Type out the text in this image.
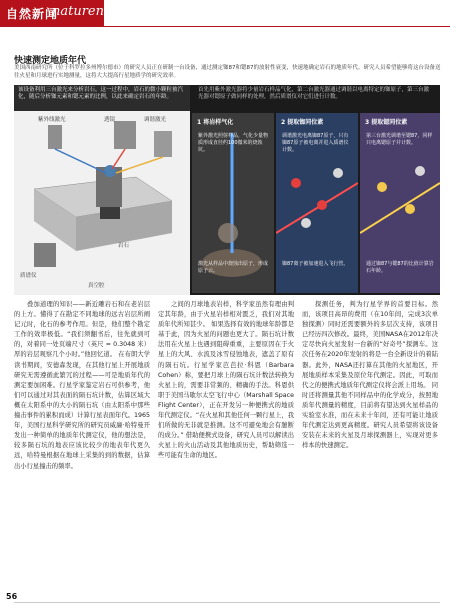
自然新闻
naturenews
快速测定地质年代
美国西南研究所（位于科罗拉多州博尔德市）的研究人员正在研制一台设备，通过测定铷87和锶87的放射性衰变，快速地确定岩石的地质年代。研究人员希望能够将这台设备送往火星和月球进行实地测量，这将大大提高行星地质学的研究效率。
该设备利用三台激光来分析岩石。这一过程中，岩石的微小颗粒被汽化，随后分析铷元素和锶元素的比例，以此来确定岩石的年龄。
紫外线激光	透镜	调谐激光
岩石
质谱仪
真空腔
首先用紫外激光器将少量岩石样品气化，第二台激光器通过调谐以电离特定的铷原子，第三台激光器对锶原子做同样的处理，然后质谱仪对它们进行计数。
1 将岩样气化
紫外激光照射样品，气化少量物质形成直径约100微米的烧蚀坑。
激光从样品中烧蚀出原子，形成原子云。
2 提取铷同位素
调谐激光电离铷87原子，只有铷87原子被电离并进入质谱仪计数。
铷87离子被加速进入飞行管。
3 提取锶同位素
第三台激光调谐至锶87，同样只电离锶原子并计数。
通过铷87与锶87的比值计算岩石年龄。

叠加道理的知识——新近雕岩石和在老岩层的上方。懂得了在勘定不同地球的远古岩层所阐记元时，化石的参考作用。但是，他们整个勘定工作的效率极低。“我们须翻书后，往先就到可的，对着同一处页端尺寸（英尺 = 0.3048 米）厚的岩层观察几个小时。”他回忆道。 在布朗大学读书期间，安德森发现，在其他行星上开展地质研究无需遵循此繁冗的过程——可是地质年代的测定要加困难。行星学家鉴定岩石可供参考，他们可以通过对其表面的陨石坑计数，估算区域大概在太阳系中的大小的陨石坑（由太阳系中那些撞击事件的累积而成）计算行星表面年代。1965年，美国行星科学研究所的研究员威廉·哈特曼开发出一种简单的地质年代测定仪，他的想法是，较多陨石坑的地表应该比较少的地表年代更久远，哈特曼根据在地球上采集的到的数据，估算出小行星撞击的频率。

之间的月球地表岩样，科学家虽然有理由判定其年龄，由于火星岩样相对匮乏，我们对其地质年代所知甚少。 如果选择有效的地球年龄都是基于此，因为火星的问题也更大了。陨石坑计数法用在火星上也遇到阻碍重重，主要原因在于火星上的大风、水流及冰雪侵蚀地表，遮盖了原有的陨石坑。行星学家芭芭拉·科恩（Barbara Cohen）称，要把月球上的陨石坑计数法转换为火星上的，需要非常频的、精确的手法。科恩供职于美国马歇尔太空飞行中心（Marshall Space Flight Center），正在开发另一种便携式的地质年代测定仪。“在火星和其他任何一颗行星上，我们所做的无非就是推测。这不可避免地会有臆断的成分。” 借助便携式设备，研究人员可以解读出火星上的火山活动及其他地质历史，帮助筛选一些可能有生命的地区。

探测任务，判为行星学界的首要目标。然而，该项目高昂的费用（在10年间，完成3次单独探测）同时还需要额外的多层次支持，该项目已经历四次修改。最终，美国NASA在2012年决定尽快向火星发射一台新的“好奇号”探测车。这次任务在2020年发射的将是一台全新设计的着陆器。此外，NASA还打算在其他的火星地区，开展地质样本采集及原位年代测定。因此，可取而代之的便携式地质年代测定仪将会派上用场。 同时还将测量其他不同样品中的化学成分，按照地质年代测量的精度，目前将有望达到火星样品的实验室水准，而在未来十年间，还有可能让地质年代测定达到更高精度。研究人员希望将该设备安装在未来的火星及月球探测器上，实现对更多样本的快速测定。

56
